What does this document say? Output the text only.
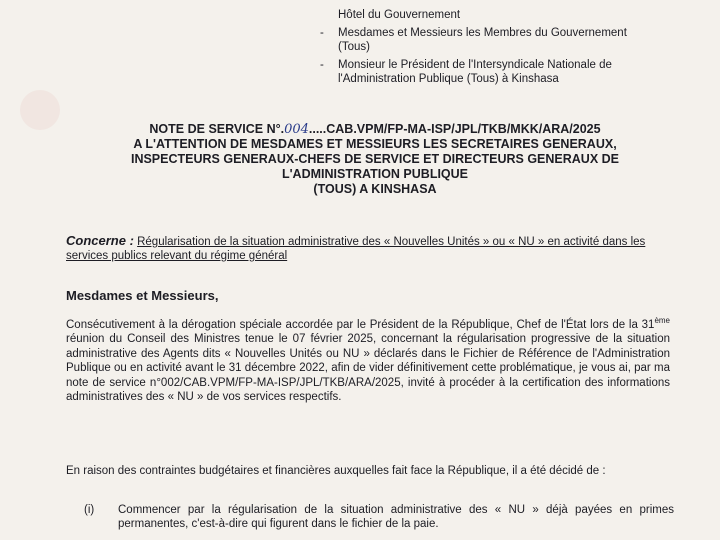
Hôtel du Gouvernement
- Mesdames et Messieurs les Membres du Gouvernement (Tous)
- Monsieur le Président de l'Intersyndicale Nationale de l'Administration Publique (Tous) à Kinshasa
NOTE DE SERVICE N°.004.....CAB.VPM/FP-MA-ISP/JPL/TKB/MKK/ARA/2025
A L'ATTENTION DE MESDAMES ET MESSIEURS LES SECRETAIRES GENERAUX,
INSPECTEURS GENERAUX-CHEFS DE SERVICE ET DIRECTEURS GENERAUX DE
L'ADMINISTRATION PUBLIQUE
(TOUS) A KINSHASA
Concerne : Régularisation de la situation administrative des « Nouvelles Unités » ou « NU » en activité dans les services publics relevant du régime général
Mesdames et Messieurs,
Consécutivement à la dérogation spéciale accordée par le Président de la République, Chef de l'État lors de la 31ème réunion du Conseil des Ministres tenue le 07 février 2025, concernant la régularisation progressive de la situation administrative des Agents dits « Nouvelles Unités ou NU » déclarés dans le Fichier de Référence de l'Administration Publique ou en activité avant le 31 décembre 2022, afin de vider définitivement cette problématique, je vous ai, par ma note de service n°002/CAB.VPM/FP-MA-ISP/JPL/TKB/ARA/2025, invité à procéder à la certification des informations administratives des « NU » de vos services respectifs.
En raison des contraintes budgétaires et financières auxquelles fait face la République, il a été décidé de :
(i) Commencer par la régularisation de la situation administrative des « NU » déjà payées en primes permanentes, c'est-à-dire qui figurent dans le fichier de la paie.
